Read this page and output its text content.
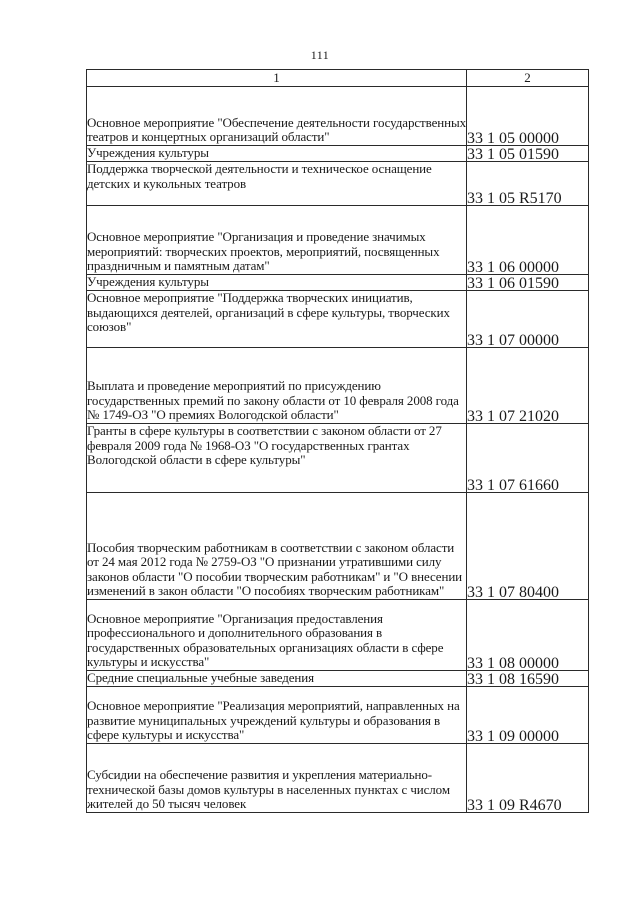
111
1	2
Основное мероприятие "Обеспечение деятельности государственных театров и концертных организаций области"	33 1 05 00000

Учреждения культуры	33 1 05 01590

Поддержка творческой деятельности и техническое оснащение детских и кукольных театров	33 1 05 R5170

Основное мероприятие "Организация и проведение значимых мероприятий: творческих проектов, мероприятий, посвященных праздничным и памятным датам"	33 1 06 00000

Учреждения культуры	33 1 06 01590

Основное мероприятие "Поддержка творческих инициатив, выдающихся деятелей, организаций в сфере культуры, творческих союзов"	33 1 07 00000

Выплата и проведение мероприятий по присуждению государственных премий по закону области от 10 февраля 2008 года № 1749-ОЗ "О премиях Вологодской области"	33 1 07 21020

Гранты в сфере культуры в соответствии с законом области от 27 февраля 2009 года № 1968-ОЗ "О государственных грантах Вологодской области в сфере культуры"	33 1 07 61660

Пособия творческим работникам в соответствии с законом области от 24 мая 2012 года № 2759-ОЗ "О признании утратившими силу законов области "О пособии творческим работникам" и "О внесении изменений в закон области "О пособиях творческим работникам"	33 1 07 80400

Основное мероприятие "Организация предоставления профессионального и дополнительного образования в государственных образовательных организациях области в сфере культуры и искусства"	33 1 08 00000

Средние специальные учебные заведения	33 1 08 16590

Основное мероприятие "Реализация мероприятий, направленных на развитие муниципальных учреждений культуры и образования в сфере культуры и искусства"	33 1 09 00000

Субсидии на обеспечение развития и укрепления материально-технической базы домов культуры в населенных пунктах с числом жителей до 50 тысяч человек	33 1 09 R4670
